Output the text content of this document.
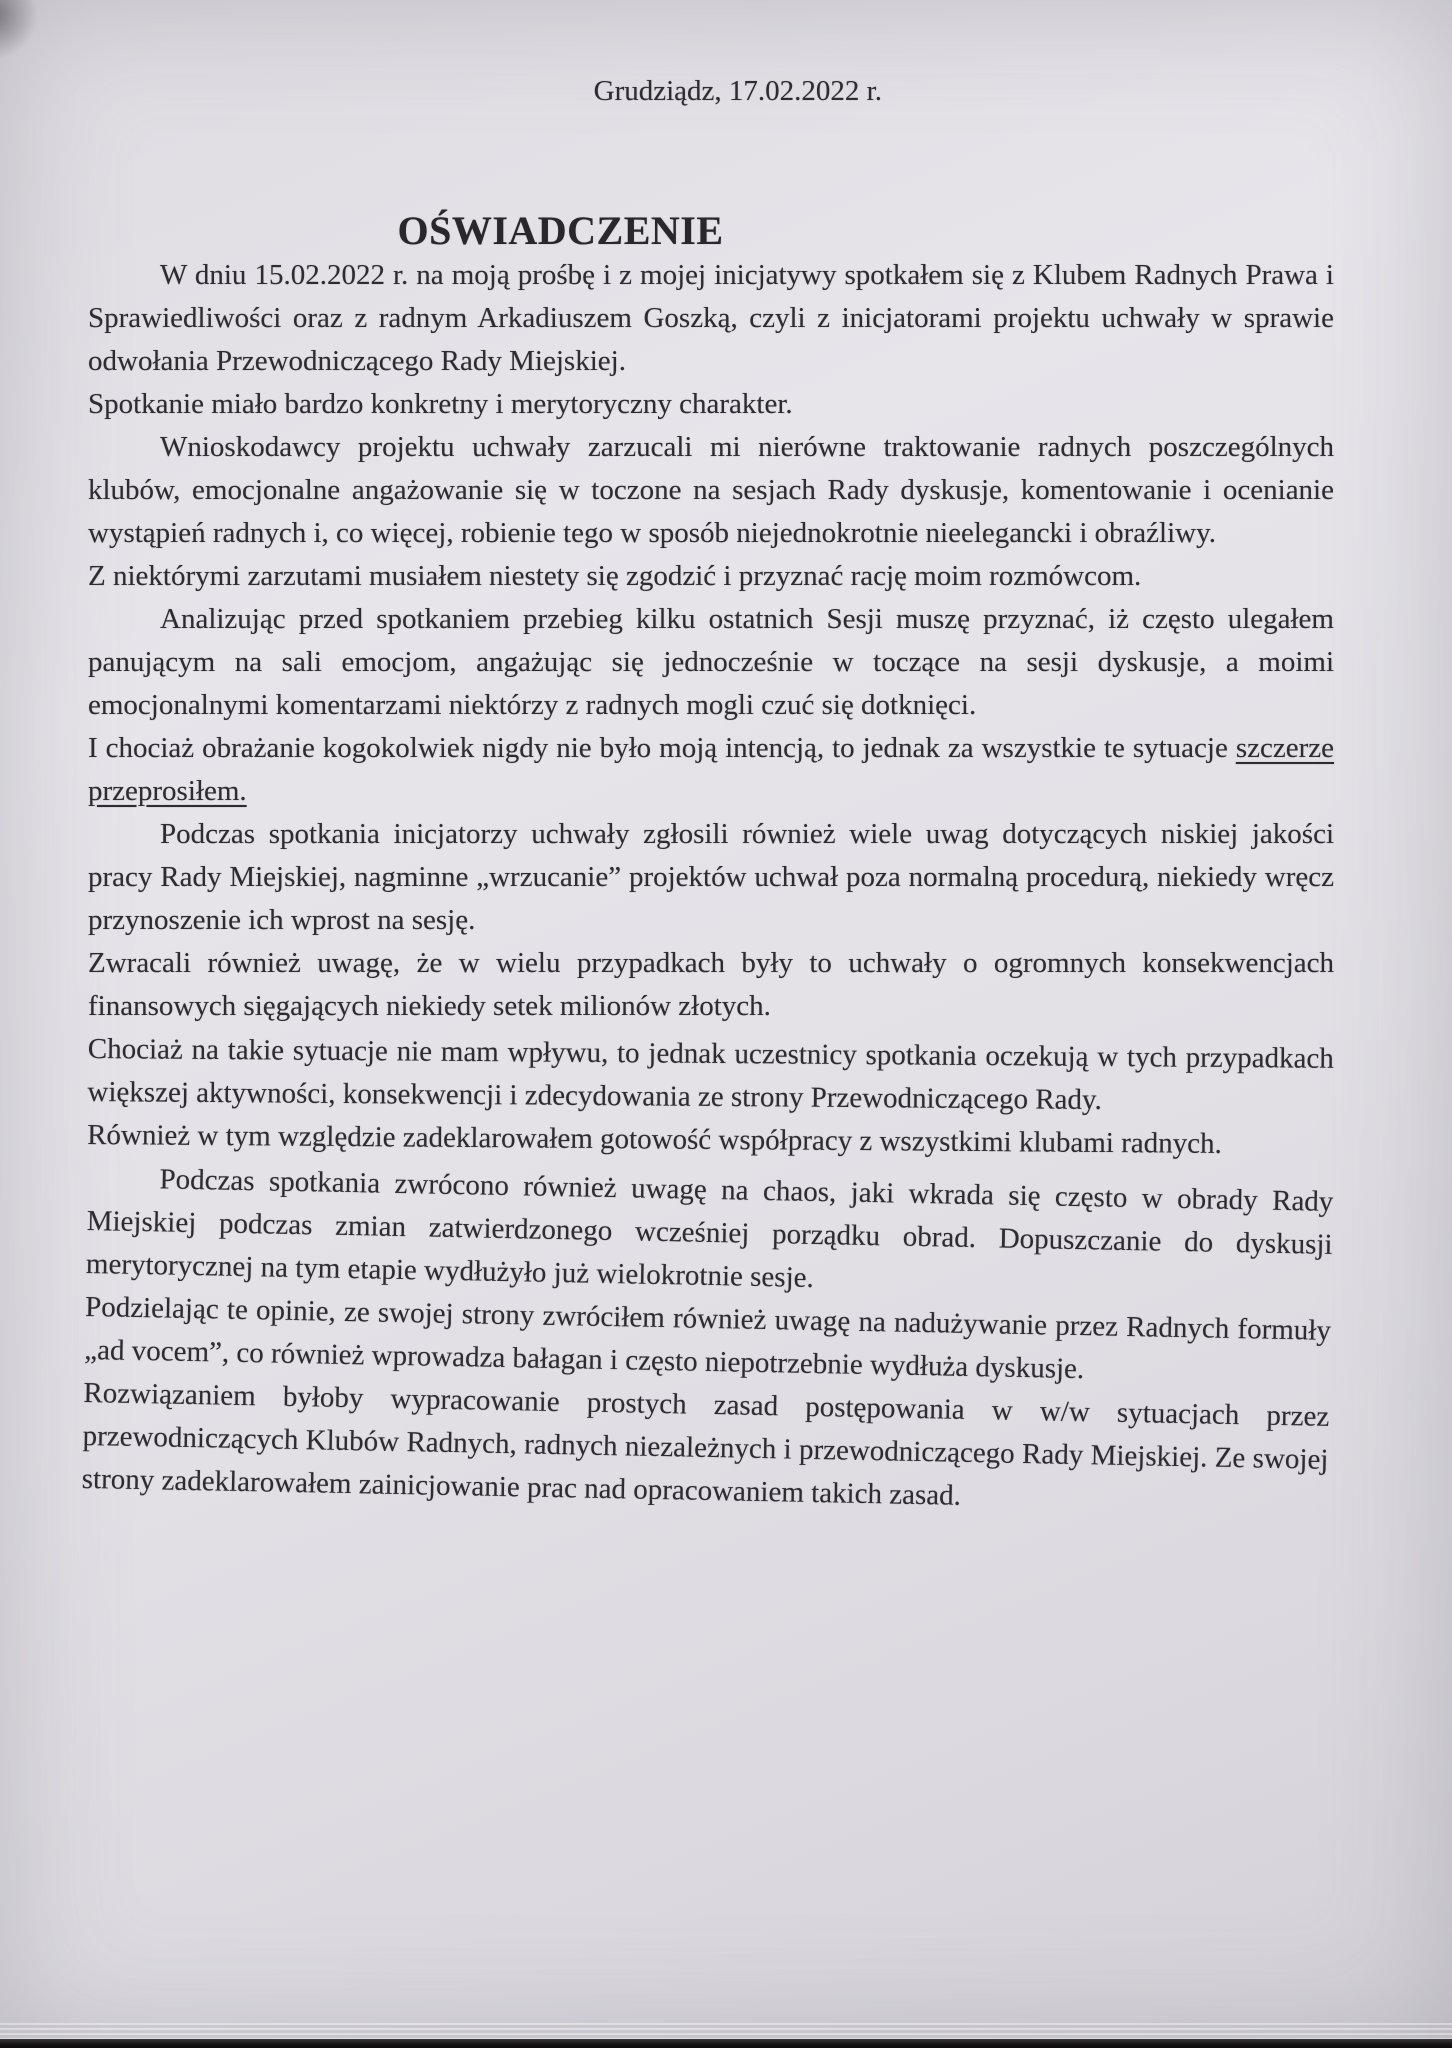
Grudziądz, 17.02.2022 r.
OŚWIADCZENIE

W dniu 15.02.2022 r. na moją prośbę i z mojej inicjatywy spotkałem się z Klubem Radnych Prawa i Sprawiedliwości oraz z radnym Arkadiuszem Goszką, czyli z inicjatorami projektu uchwały w sprawie odwołania Przewodniczącego Rady Miejskiej.

Spotkanie miało bardzo konkretny i merytoryczny charakter.

Wnioskodawcy projektu uchwały zarzucali mi nierówne traktowanie radnych poszczególnych klubów, emocjonalne angażowanie się w toczone na sesjach Rady dyskusje, komentowanie i ocenianie wystąpień radnych i, co więcej, robienie tego w sposób niejednokrotnie nieelegancki i obraźliwy.

Z niektórymi zarzutami musiałem niestety się zgodzić i przyznać rację moim rozmówcom.

Analizując przed spotkaniem przebieg kilku ostatnich Sesji muszę przyznać, iż często ulegałem panującym na sali emocjom, angażując się jednocześnie w toczące na sesji dyskusje, a moimi emocjonalnymi komentarzami niektórzy z radnych mogli czuć się dotknięci.

I chociaż obrażanie kogokolwiek nigdy nie było moją intencją, to jednak za wszystkie te sytuacje szczerze przeprosiłem.

Podczas spotkania inicjatorzy uchwały zgłosili również wiele uwag dotyczących niskiej jakości pracy Rady Miejskiej, nagminne „wrzucanie” projektów uchwał poza normalną procedurą, niekiedy wręcz przynoszenie ich wprost na sesję.

Zwracali również uwagę, że w wielu przypadkach były to uchwały o ogromnych konsekwencjach finansowych sięgających niekiedy setek milionów złotych.

Chociaż na takie sytuacje nie mam wpływu, to jednak uczestnicy spotkania oczekują w tych przypadkach większej aktywności, konsekwencji i zdecydowania ze strony Przewodniczącego Rady.

Również w tym względzie zadeklarowałem gotowość współpracy z wszystkimi klubami radnych.

Podczas spotkania zwrócono również uwagę na chaos, jaki wkrada się często w obrady Rady Miejskiej podczas zmian zatwierdzonego wcześniej porządku obrad. Dopuszczanie do dyskusji merytorycznej na tym etapie wydłużyło już wielokrotnie sesje.

Podzielając te opinie, ze swojej strony zwróciłem również uwagę na nadużywanie przez Radnych formuły „ad vocem”, co również wprowadza bałagan i często niepotrzebnie wydłuża dyskusje.

Rozwiązaniem byłoby wypracowanie prostych zasad postępowania w w/w sytuacjach przez przewodniczących Klubów Radnych, radnych niezależnych i przewodniczącego Rady Miejskiej. Ze swojej strony zadeklarowałem zainicjowanie prac nad opracowaniem takich zasad.
